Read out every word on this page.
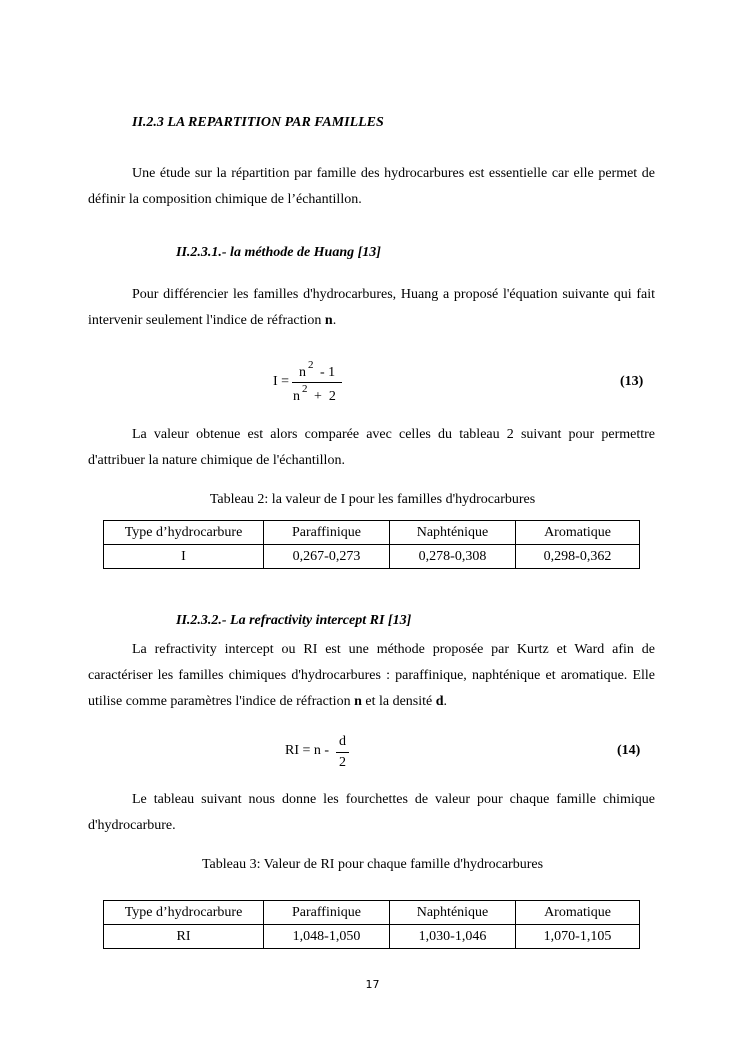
II.2.3 LA REPARTITION PAR FAMILLES
Une étude sur la répartition par famille des hydrocarbures est essentielle car elle permet de définir la composition chimique de l’échantillon.
II.2.3.1.- la méthode de Huang [13]
Pour différencier les familles d'hydrocarbures, Huang a proposé l'équation suivante qui fait intervenir seulement l'indice de réfraction n.
I =
n 2 - 1
n 2 +  2
(13)
La valeur obtenue est alors comparée avec celles du tableau 2 suivant pour permettre d'attribuer la nature chimique de l'échantillon.
Tableau 2: la valeur de I pour les familles d'hydrocarbures
Type d’hydrocarbure	Paraffinique	Naphténique	Aromatique
I	0,267-0,273	0,278-0,308	0,298-0,362
II.2.3.2.- La refractivity intercept RI [13]
La refractivity intercept ou RI est une méthode proposée par Kurtz et Ward afin de caractériser les familles chimiques d'hydrocarbures : paraffinique, naphténique et aromatique. Elle utilise comme paramètres l'indice de réfraction n et la densité d.
RI = n -
d
2
(14)
Le tableau suivant nous donne les fourchettes de valeur pour chaque famille chimique d'hydrocarbure.
Tableau 3: Valeur de RI pour chaque famille d'hydrocarbures
Type d’hydrocarbure	Paraffinique	Naphténique	Aromatique
RI	1,048-1,050	1,030-1,046	1,070-1,105
17
